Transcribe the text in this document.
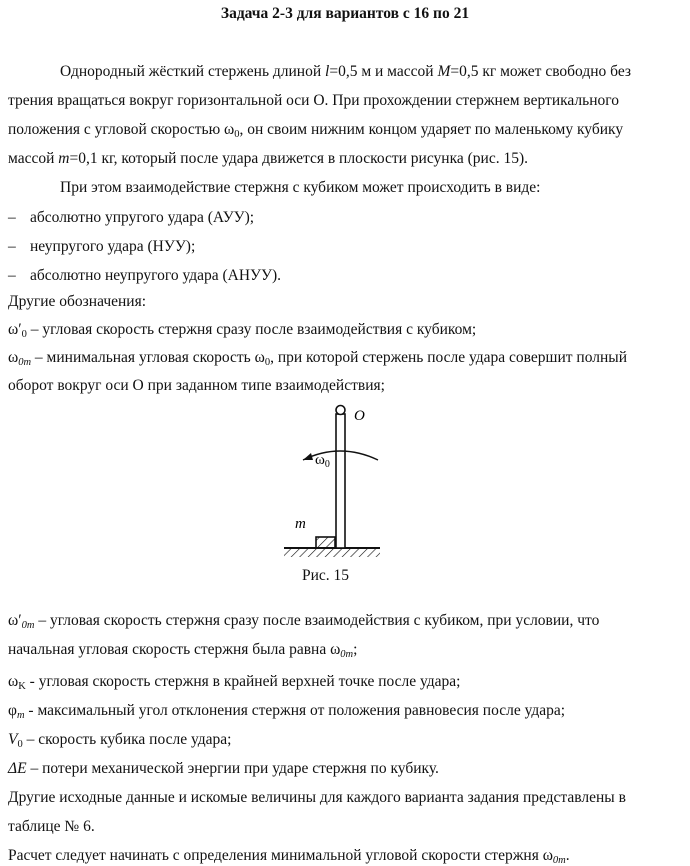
Задача 2-3 для вариантов с 16 по 21
Однородный жёсткий стержень длиной l=0,5 м и массой M=0,5 кг может свободно без
трения вращаться вокруг горизонтальной оси О. При прохождении стержнем вертикального
положения с угловой скоростью $\omega_0$, он своим нижним концом ударяет по маленькому кубику
массой m=0,1 кг, который после удара движется в плоскости рисунка (рис. 15).
При этом взаимодействие стержня с кубиком может происходить в виде:
– абсолютно упругого удара (АУУ);
– неупругого удара (НУУ);
– абсолютно неупругого удара (АНУУ).
Другие обозначения:
$\omega'_0$ – угловая скорость стержня сразу после взаимодействия с кубиком;
$\omega_{0m}$ – минимальная угловая скорость $\omega_0$, при которой стержень после удара совершит полный
оборот вокруг оси О при заданном типе взаимодействия;
O
$\omega_0$
m
Рис. 15
$\omega'_{0m}$ – угловая скорость стержня сразу после взаимодействия с кубиком, при условии, что
начальная угловая скорость стержня была равна $\omega_{0m}$;
$\omega_K$ - угловая скорость стержня в крайней верхней точке после удара;
$\varphi_m$ - максимальный угол отклонения стержня от положения равновесия после удара;
$V_0$ – скорость кубика после удара;
ΔE – потери механической энергии при ударе стержня по кубику.
Другие исходные данные и искомые величины для каждого варианта задания представлены в
таблице № 6.
Расчет следует начинать с определения минимальной угловой скорости стержня $\omega_{0m}$.
